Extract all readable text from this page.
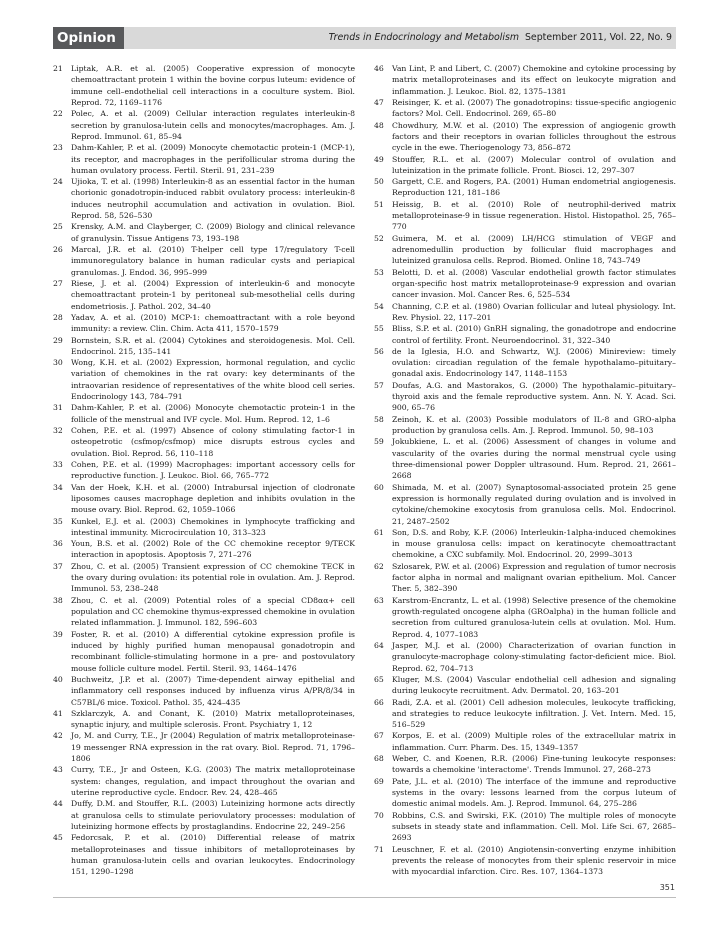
Opinion	Trends in Endocrinology and Metabolism September 2011, Vol. 22, No. 9
21 Liptak, A.R. et al. (2005) Cooperative expression of monocyte chemoattractant protein 1 within the bovine corpus luteum: evidence of immune cell–endothelial cell interactions in a coculture system. Biol. Reprod. 72, 1169–1176
22 Polec, A. et al. (2009) Cellular interaction regulates interleukin-8 secretion by granulosa-lutein cells and monocytes/macrophages. Am. J. Reprod. Immunol. 61, 85–94
23 Dahm-Kahler, P. et al. (2009) Monocyte chemotactic protein-1 (MCP-1), its receptor, and macrophages in the perifollicular stroma during the human ovulatory process. Fertil. Steril. 91, 231–239
24 Ujioka, T. et al. (1998) Interleukin-8 as an essential factor in the human chorionic gonadotropin-induced rabbit ovulatory process: interleukin-8 induces neutrophil accumulation and activation in ovulation. Biol. Reprod. 58, 526–530
25 Krensky, A.M. and Clayberger, C. (2009) Biology and clinical relevance of granulysin. Tissue Antigens 73, 193–198
26 Marcal, J.R. et al. (2010) T-helper cell type 17/regulatory T-cell immunoregulatory balance in human radicular cysts and periapical granulomas. J. Endod. 36, 995–999
27 Riese, J. et al. (2004) Expression of interleukin-6 and monocyte chemoattractant protein-1 by peritoneal sub-mesothelial cells during endometriosis. J. Pathol. 202, 34–40
28 Yadav, A. et al. (2010) MCP-1: chemoattractant with a role beyond immunity: a review. Clin. Chim. Acta 411, 1570–1579
29 Bornstein, S.R. et al. (2004) Cytokines and steroidogenesis. Mol. Cell. Endocrinol. 215, 135–141
30 Wong, K.H. et al. (2002) Expression, hormonal regulation, and cyclic variation of chemokines in the rat ovary: key determinants of the intraovarian residence of representatives of the white blood cell series. Endocrinology 143, 784–791
31 Dahm-Kahler, P. et al. (2006) Monocyte chemotactic protein-1 in the follicle of the menstrual and IVF cycle. Mol. Hum. Reprod. 12, 1–6
32 Cohen, P.E. et al. (1997) Absence of colony stimulating factor-1 in osteopetrotic (csfmop/csfmop) mice disrupts estrous cycles and ovulation. Biol. Reprod. 56, 110–118
33 Cohen, P.E. et al. (1999) Macrophages: important accessory cells for reproductive function. J. Leukoc. Biol. 66, 765–772
34 Van der Hoek, K.H. et al. (2000) Intrabursal injection of clodronate liposomes causes macrophage depletion and inhibits ovulation in the mouse ovary. Biol. Reprod. 62, 1059–1066
35 Kunkel, E.J. et al. (2003) Chemokines in lymphocyte trafficking and intestinal immunity. Microcirculation 10, 313–323
36 Youn, B.S. et al. (2002) Role of the CC chemokine receptor 9/TECK interaction in apoptosis. Apoptosis 7, 271–276
37 Zhou, C. et al. (2005) Transient expression of CC chemokine TECK in the ovary during ovulation: its potential role in ovulation. Am. J. Reprod. Immunol. 53, 238–248
38 Zhou, C. et al. (2009) Potential roles of a special CD8αα+ cell population and CC chemokine thymus-expressed chemokine in ovulation related inflammation. J. Immunol. 182, 596–603
39 Foster, R. et al. (2010) A differential cytokine expression profile is induced by highly purified human menopausal gonadotropin and recombinant follicle-stimulating hormone in a pre- and postovulatory mouse follicle culture model. Fertil. Steril. 93, 1464–1476
40 Buchweitz, J.P. et al. (2007) Time-dependent airway epithelial and inflammatory cell responses induced by influenza virus A/PR/8/34 in C57BL/6 mice. Toxicol. Pathol. 35, 424–435
41 Szklarczyk, A. and Conant, K. (2010) Matrix metalloproteinases, synaptic injury, and multiple sclerosis. Front. Psychiatry 1, 12
42 Jo, M. and Curry, T.E., Jr (2004) Regulation of matrix metalloproteinase-19 messenger RNA expression in the rat ovary. Biol. Reprod. 71, 1796–1806
43 Curry, T.E., Jr and Osteen, K.G. (2003) The matrix metalloproteinase system: changes, regulation, and impact throughout the ovarian and uterine reproductive cycle. Endocr. Rev. 24, 428–465
44 Duffy, D.M. and Stouffer, R.L. (2003) Luteinizing hormone acts directly at granulosa cells to stimulate periovulatory processes: modulation of luteinizing hormone effects by prostaglandins. Endocrine 22, 249–256
45 Fedorcsak, P. et al. (2010) Differential release of matrix metalloproteinases and tissue inhibitors of metalloproteinases by human granulosa-lutein cells and ovarian leukocytes. Endocrinology 151, 1290–1298
46 Van Lint, P. and Libert, C. (2007) Chemokine and cytokine processing by matrix metalloproteinases and its effect on leukocyte migration and inflammation. J. Leukoc. Biol. 82, 1375–1381
47 Reisinger, K. et al. (2007) The gonadotropins: tissue-specific angiogenic factors? Mol. Cell. Endocrinol. 269, 65–80
48 Chowdhury, M.W. et al. (2010) The expression of angiogenic growth factors and their receptors in ovarian follicles throughout the estrous cycle in the ewe. Theriogenology 73, 856–872
49 Stouffer, R.L. et al. (2007) Molecular control of ovulation and luteinization in the primate follicle. Front. Biosci. 12, 297–307
50 Gargett, C.E. and Rogers, P.A. (2001) Human endometrial angiogenesis. Reproduction 121, 181–186
51 Heissig, B. et al. (2010) Role of neutrophil-derived matrix metalloproteinase-9 in tissue regeneration. Histol. Histopathol. 25, 765–770
52 Guimera, M. et al. (2009) LH/HCG stimulation of VEGF and adrenomedullin production by follicular fluid macrophages and luteinized granulosa cells. Reprod. Biomed. Online 18, 743–749
53 Belotti, D. et al. (2008) Vascular endothelial growth factor stimulates organ-specific host matrix metalloproteinase-9 expression and ovarian cancer invasion. Mol. Cancer Res. 6, 525–534
54 Channing, C.P. et al. (1980) Ovarian follicular and luteal physiology. Int. Rev. Physiol. 22, 117–201
55 Bliss, S.P. et al. (2010) GnRH signaling, the gonadotrope and endocrine control of fertility. Front. Neuroendocrinol. 31, 322–340
56 de la Iglesia, H.O. and Schwartz, W.J. (2006) Minireview: timely ovulation: circadian regulation of the female hypothalamo–pituitary–gonadal axis. Endocrinology 147, 1148–1153
57 Doufas, A.G. and Mastorakos, G. (2000) The hypothalamic–pituitary–thyroid axis and the female reproductive system. Ann. N. Y. Acad. Sci. 900, 65–76
58 Zeinoh, K. et al. (2003) Possible modulators of IL-8 and GRO-alpha production by granulosa cells. Am. J. Reprod. Immunol. 50, 98–103
59 Jokubkiene, L. et al. (2006) Assessment of changes in volume and vascularity of the ovaries during the normal menstrual cycle using three-dimensional power Doppler ultrasound. Hum. Reprod. 21, 2661–2668
60 Shimada, M. et al. (2007) Synaptosomal-associated protein 25 gene expression is hormonally regulated during ovulation and is involved in cytokine/chemokine exocytosis from granulosa cells. Mol. Endocrinol. 21, 2487–2502
61 Son, D.S. and Roby, K.F. (2006) Interleukin-1alpha-induced chemokines in mouse granulosa cells: impact on keratinocyte chemoattractant chemokine, a CXC subfamily. Mol. Endocrinol. 20, 2999–3013
62 Szlosarek, P.W. et al. (2006) Expression and regulation of tumor necrosis factor alpha in normal and malignant ovarian epithelium. Mol. Cancer Ther. 5, 382–390
63 Karstrom-Encrantz, L. et al. (1998) Selective presence of the chemokine growth-regulated oncogene alpha (GROalpha) in the human follicle and secretion from cultured granulosa-lutein cells at ovulation. Mol. Hum. Reprod. 4, 1077–1083
64 Jasper, M.J. et al. (2000) Characterization of ovarian function in granulocyte-macrophage colony-stimulating factor-deficient mice. Biol. Reprod. 62, 704–713
65 Kluger, M.S. (2004) Vascular endothelial cell adhesion and signaling during leukocyte recruitment. Adv. Dermatol. 20, 163–201
66 Radi, Z.A. et al. (2001) Cell adhesion molecules, leukocyte trafficking, and strategies to reduce leukocyte infiltration. J. Vet. Intern. Med. 15, 516–529
67 Korpos, E. et al. (2009) Multiple roles of the extracellular matrix in inflammation. Curr. Pharm. Des. 15, 1349–1357
68 Weber, C. and Koenen, R.R. (2006) Fine-tuning leukocyte responses: towards a chemokine 'interactome'. Trends Immunol. 27, 268–273
69 Pate, J.L. et al. (2010) The interface of the immune and reproductive systems in the ovary: lessons learned from the corpus luteum of domestic animal models. Am. J. Reprod. Immunol. 64, 275–286
70 Robbins, C.S. and Swirski, F.K. (2010) The multiple roles of monocyte subsets in steady state and inflammation. Cell. Mol. Life Sci. 67, 2685–2693
71 Leuschner, F. et al. (2010) Angiotensin-converting enzyme inhibition prevents the release of monocytes from their splenic reservoir in mice with myocardial infarction. Circ. Res. 107, 1364–1373
351
